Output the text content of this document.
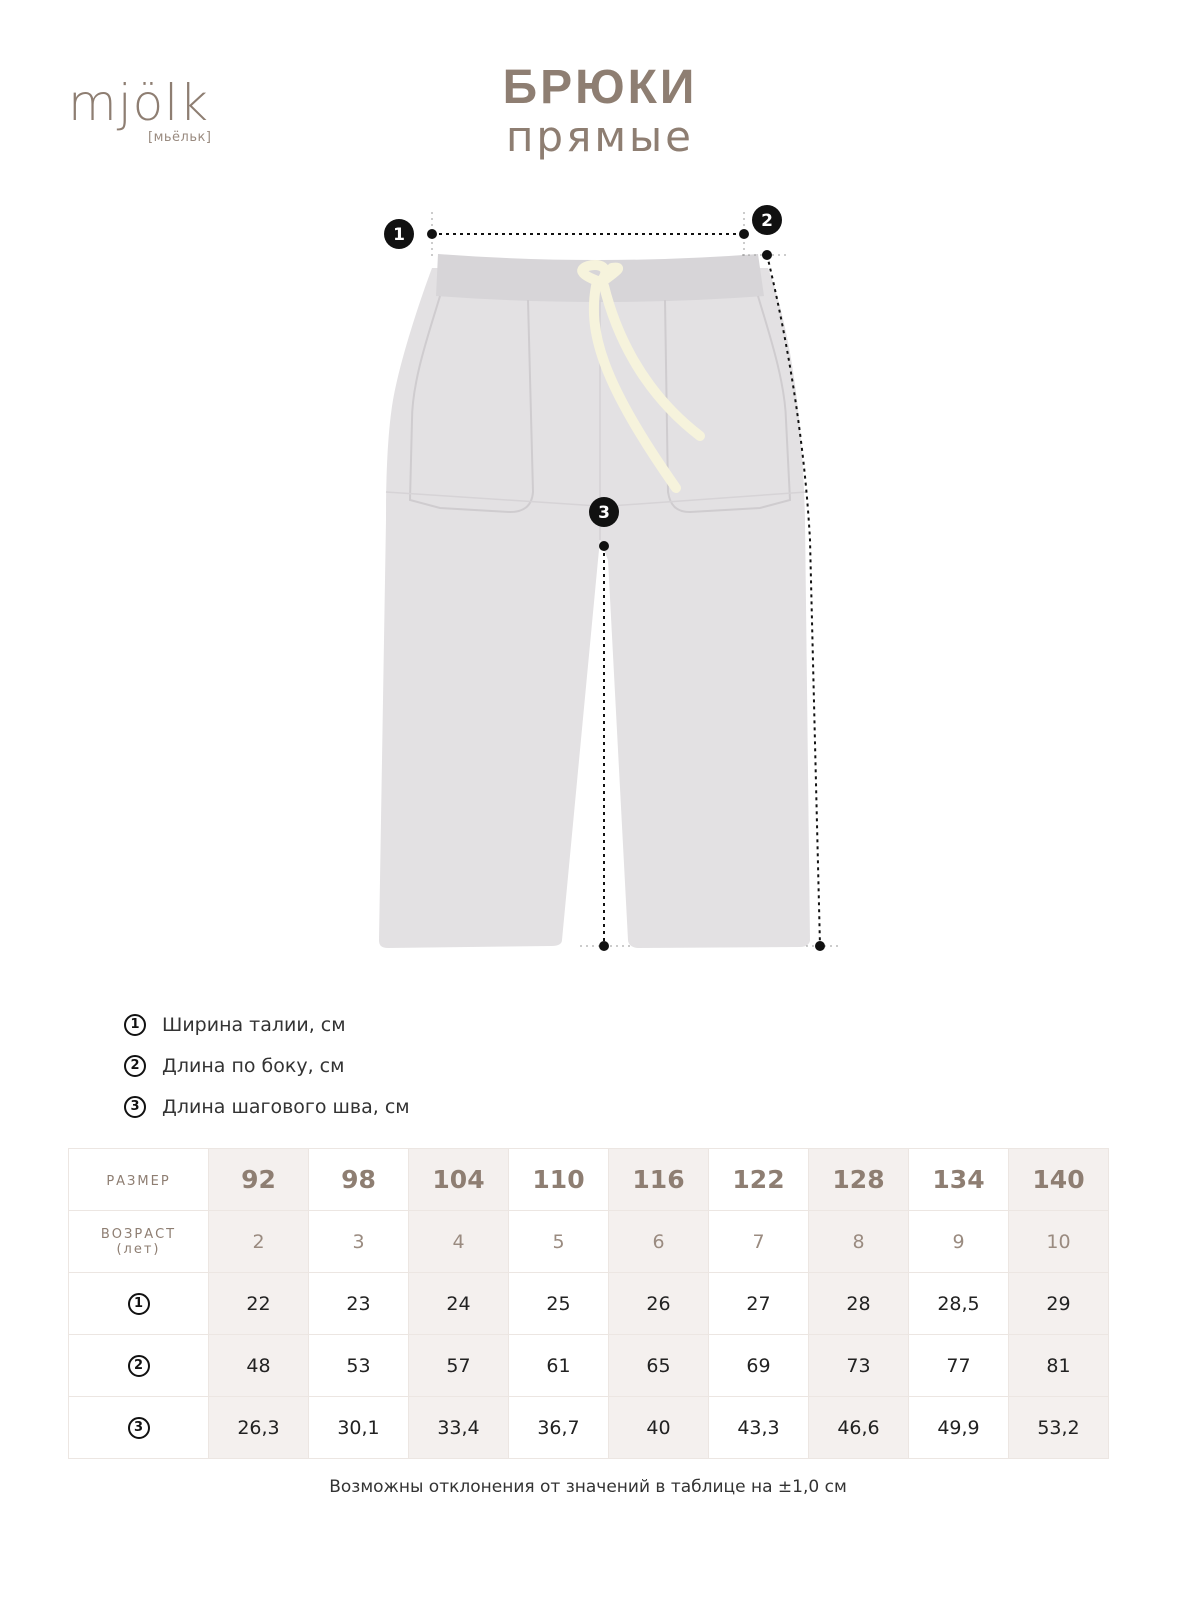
mjölk
[мьёльк]
БРЮКИ
прямые
1
2
3
1	Ширина талии, см
2	Длина по боку, см
3	Длина шагового шва, см
РАЗМЕР	92	98	104	110	116	122	128	134	140

ВОЗРАСТ
(лет)	2	3	4	5	6	7	8	9	10
1	22	23	24	25	26	27	28	28,5	29
2	48	53	57	61	65	69	73	77	81
3	26,3	30,1	33,4	36,7	40	43,3	46,6	49,9	53,2
Возможны отклонения от значений в таблице на ±1,0 см
